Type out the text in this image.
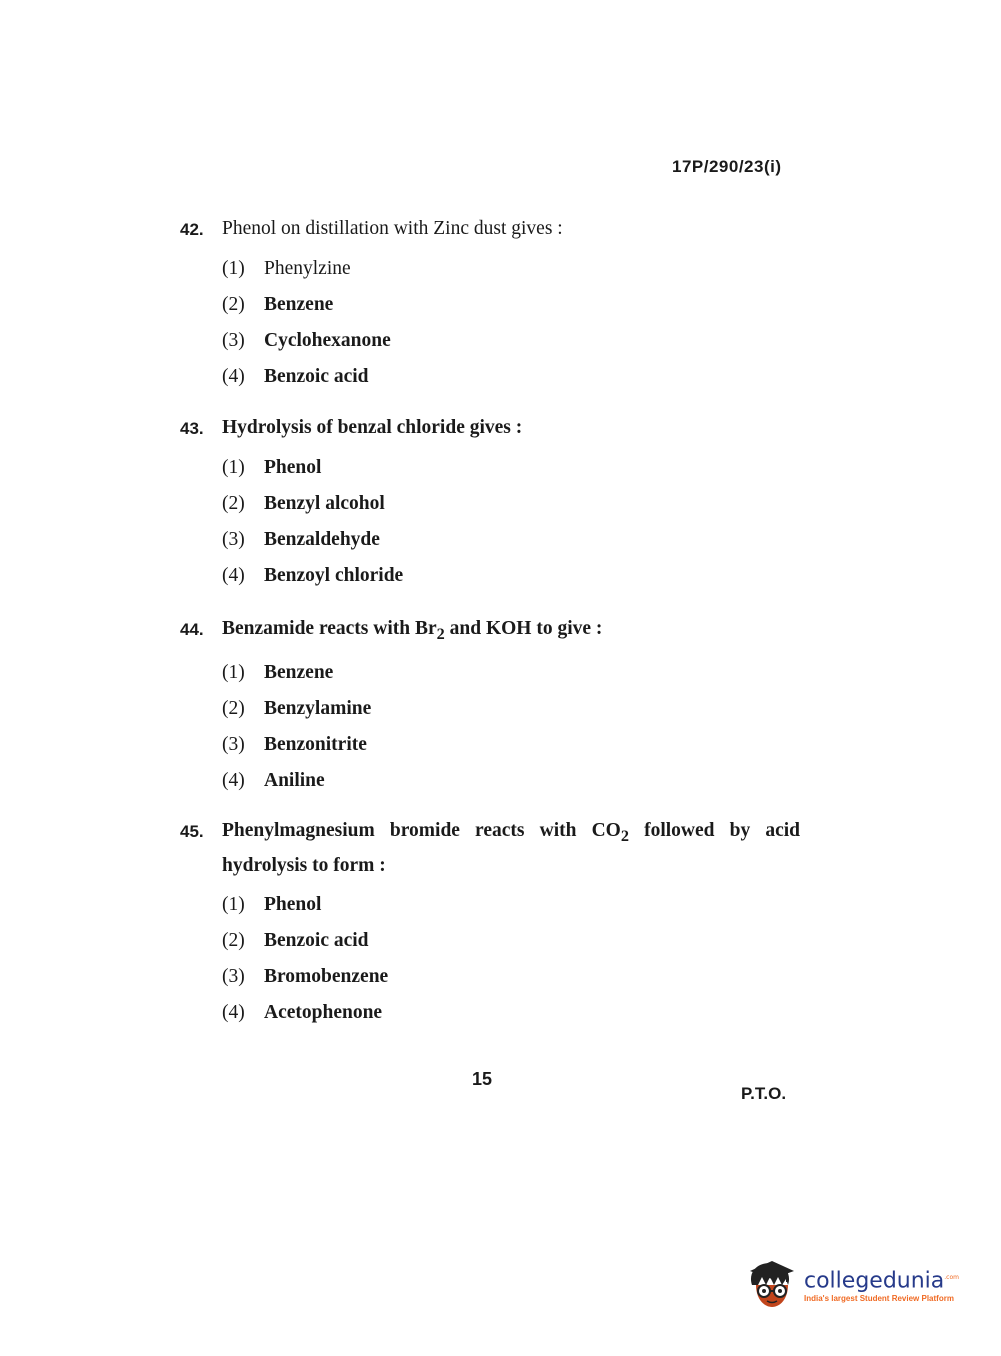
17P/290/23(i)
42. Phenol on distillation with Zinc dust gives :
(1) Phenylzine
(2) Benzene
(3) Cyclohexanone
(4) Benzoic acid
43. Hydrolysis of benzal chloride gives :
(1) Phenol
(2) Benzyl alcohol
(3) Benzaldehyde
(4) Benzoyl chloride
44. Benzamide reacts with $Br_2$ and KOH to give :
(1) Benzene
(2) Benzylamine
(3) Benzonitrite
(4) Aniline
45. Phenylmagnesium bromide reacts with $CO_2$ followed by acid hydrolysis to form :
(1) Phenol
(2) Benzoic acid
(3) Bromobenzene
(4) Acetophenone
15
P.T.O.
collegedunia$^{.com}$
India's largest Student Review Platform
